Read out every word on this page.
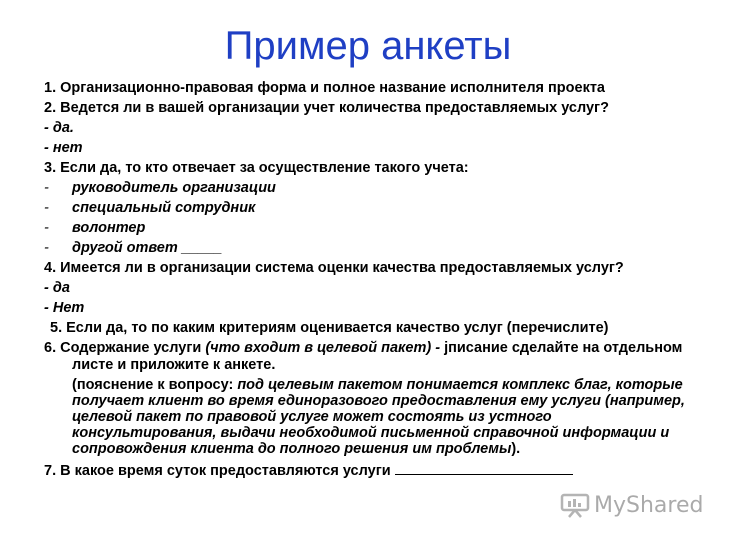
Пример анкеты
1. Организационно-правовая форма и полное название исполнителя проекта
2. Ведется ли в вашей организации учет количества предоставляемых услуг?
- да.
- нет
3. Если да, то кто отвечает за осуществление такого учета:
-	руководитель организации
-	специальный сотрудник
-	волонтер
-	другой ответ _____
4. Имеется ли в организации система оценки качества предоставляемых услуг?
- да
- Нет
5. Если да, то по каким критериям оценивается качество услуг (перечислите)
6. Содержание услуги (что входит в целевой пакет) - jписание сделайте на отдельном листе и приложите к анкете.
(пояснение к вопросу: под целевым пакетом понимается комплекс благ, которые получает клиент во время единоразового предоставления ему услуги (например, целевой пакет по правовой услуге может состоять из устного консультирования, выдачи необходимой письменной справочной информации и сопровождения клиента до полного решения им проблемы).
7. В какое время суток предоставляются услуги
MyShared
